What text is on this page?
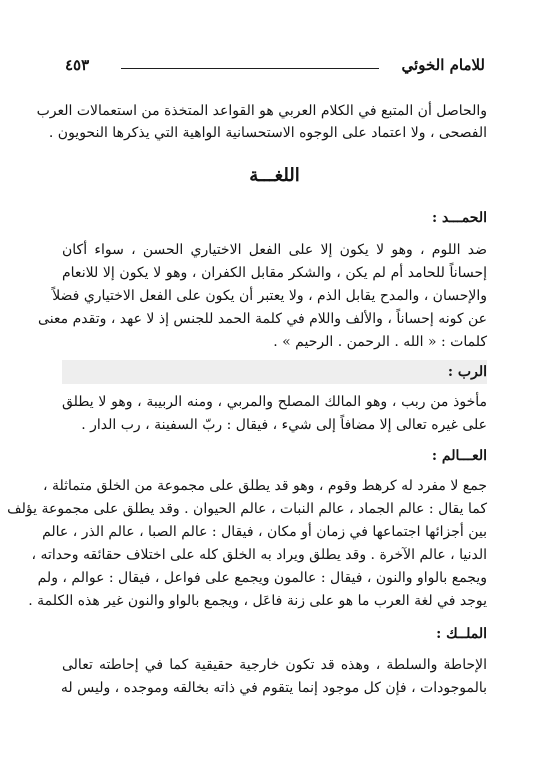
٤٥٣	للامام الخوئي
والحاصل أن المتبع في الكلام العربي هو القواعد المتخذة من استعمالات العرب
الفصحى ، ولا اعتماد على الوجوه الاستحسانية الواهية التي يذكرها النحويون .
اللغـــة
الحمـــد :
ضد اللوم ، وهو لا يكون إلا على الفعل الاختياري الحسن ، سواء أكان
إحساناً للحامد أم لم يكن ، والشكر مقابل الكفران ، وهو لا يكون إلا للانعام
والإحسان ، والمدح يقابل الذم ، ولا يعتبر أن يكون على الفعل الاختياري فضلاً
عن كونه إحساناً ، والألف واللام في كلمة الحمد للجنس إذ لا عهد ، وتقدم معنى
كلمات : « الله . الرحمن . الرحيم » .
الرب :
مأخوذ من ربب ، وهو المالك المصلح والمربي ، ومنه الربيبة ، وهو لا يطلق
على غيره تعالى إلا مضافاً إلى شيء ، فيقال : ربّ السفينة ، رب الدار .
العـــالم :
جمع لا مفرد له كرهط وقوم ، وهو قد يطلق على مجموعة من الخلق متماثلة ،
كما يقال : عالم الجماد ، عالم النبات ، عالم الحيوان . وقد يطلق على مجموعة يؤلف
بين أجزائها اجتماعها في زمان أو مكان ، فيقال : عالم الصبا ، عالم الذر ، عالم
الدنيا ، عالم الآخرة . وقد يطلق ويراد به الخلق كله على اختلاف حقائقه وحداته ،
ويجمع بالواو والنون ، فيقال : عالمون ويجمع على فواعل ، فيقال : عوالم ، ولم
يوجد في لغة العرب ما هو على زنة فاعَل ، ويجمع بالواو والنون غير هذه الكلمة .
الملــك :
الإحاطة والسلطة ، وهذه قد تكون خارجية حقيقية كما في إحاطته تعالى
بالموجودات ، فإن كل موجود إنما يتقوم في ذاته بخالقه وموجده ، وليس له
